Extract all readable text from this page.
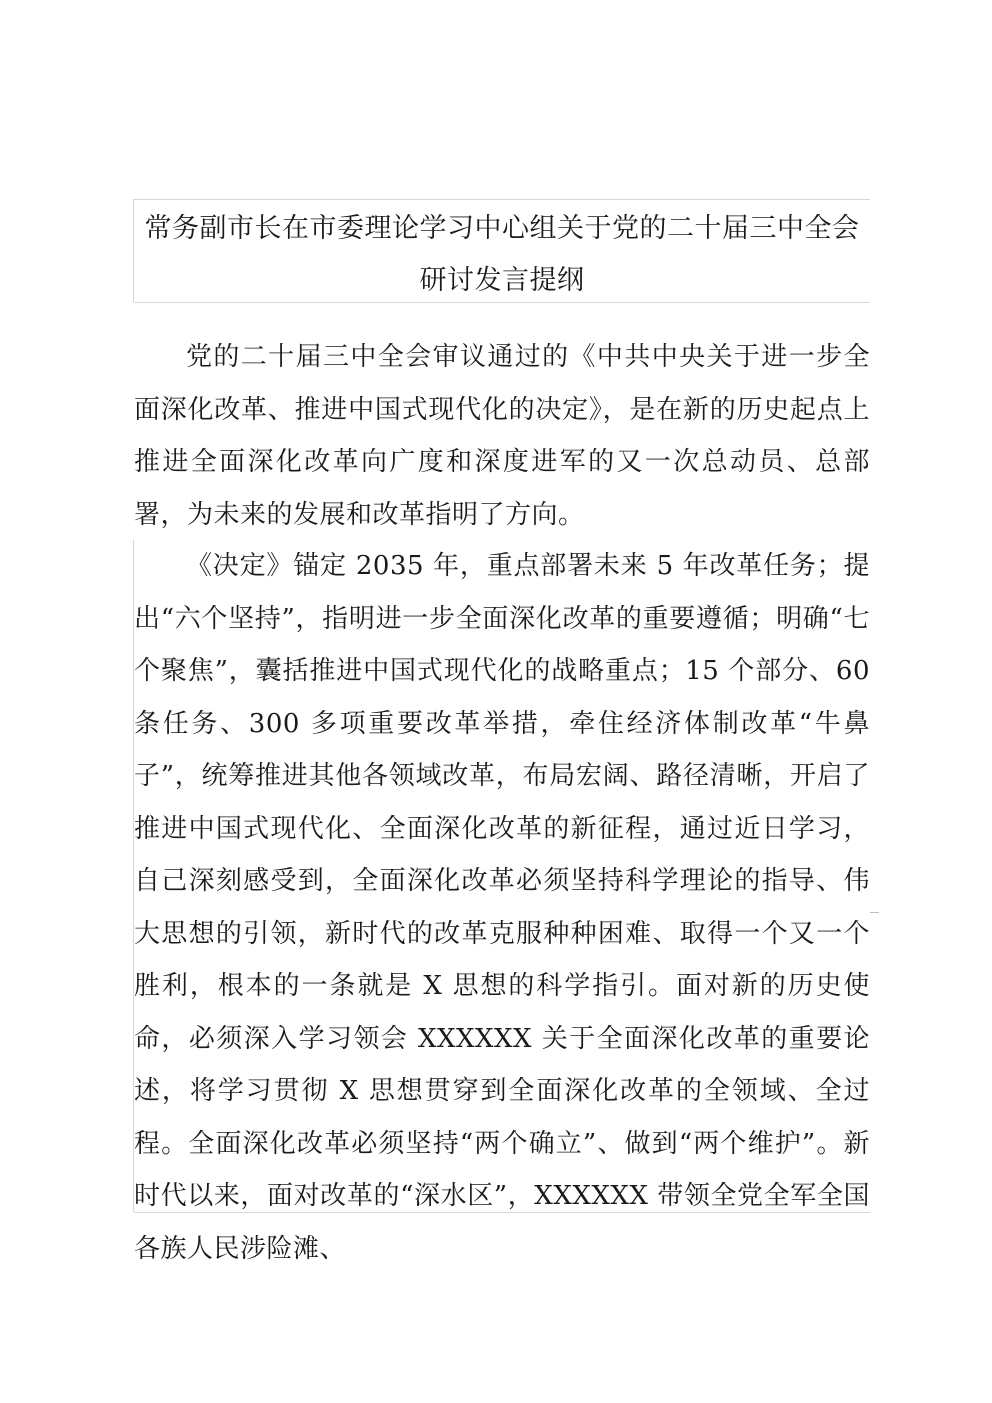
常务副市长在市委理论学习中心组关于党的二十届三中全会研讨发言提纲

党的二十届三中全会审议通过的《中共中央关于进一步全面深化改革、推进中国式现代化的决定》，是在新的历史起点上推进全面深化改革向广度和深度进军的又一次总动员、总部署，为未来的发展和改革指明了方向。

《决定》锚定 2035 年，重点部署未来 5 年改革任务；提出“六个坚持”，指明进一步全面深化改革的重要遵循；明确“七个聚焦”，囊括推进中国式现代化的战略重点；15 个部分、60 条任务、300 多项重要改革举措，牵住经济体制改革“牛鼻子”，统筹推进其他各领域改革，布局宏阔、路径清晰，开启了推进中国式现代化、全面深化改革的新征程，通过近日学习，自己深刻感受到，全面深化改革必须坚持科学理论的指导、伟大思想的引领，新时代的改革克服种种困难、取得一个又一个胜利，根本的一条就是 X 思想的科学指引。面对新的历史使命，必须深入学习领会 XXXXXX 关于全面深化改革的重要论述，将学习贯彻 X 思想贯穿到全面深化改革的全领域、全过程。全面深化改革必须坚持“两个确立”、做到“两个维护”。新时代以来，面对改革的“深水区”，XXXXXX 带领全党全军全国各族人民涉险滩、
